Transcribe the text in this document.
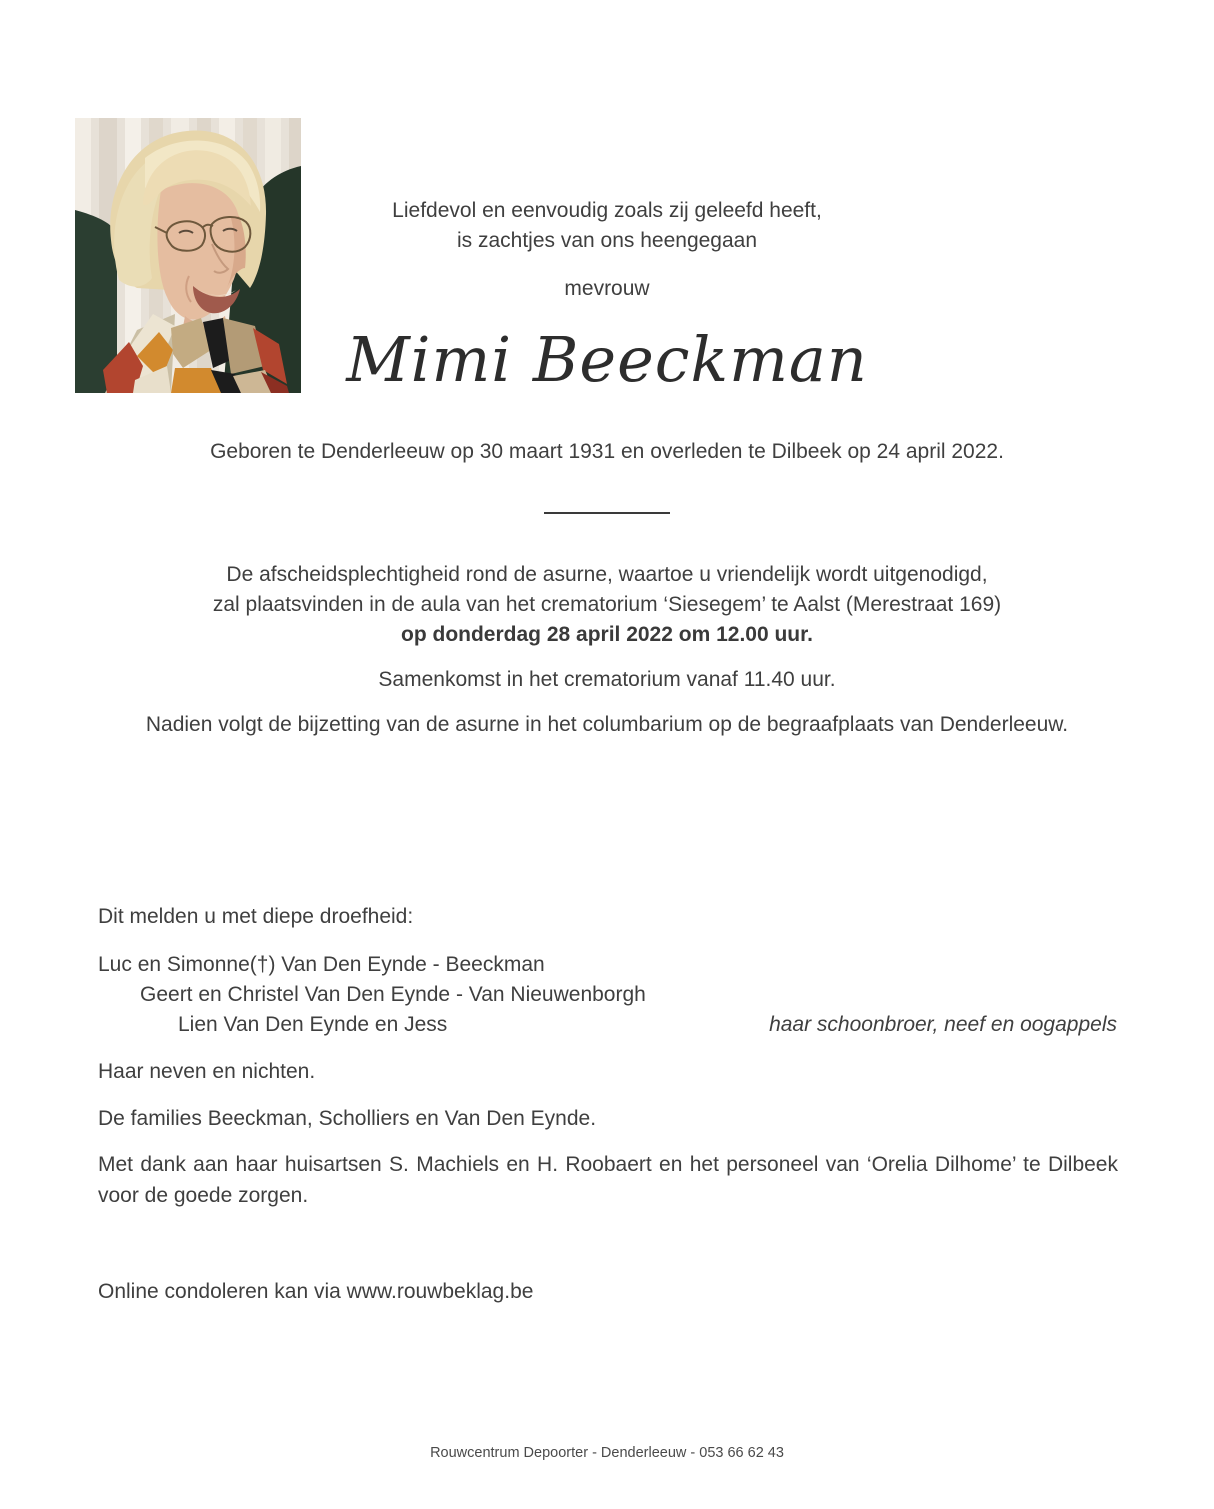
Liefdevol en eenvoudig zoals zij geleefd heeft,
is zachtjes van ons heengegaan
mevrouw
Mimi Beeckman
Geboren te Denderleeuw op 30 maart 1931 en overleden te Dilbeek op 24 april 2022.
De afscheidsplechtigheid rond de asurne, waartoe u vriendelijk wordt uitgenodigd,
zal plaatsvinden in de aula van het crematorium ‘Siesegem’ te Aalst (Merestraat 169)
op donderdag 28 april 2022 om 12.00 uur.
Samenkomst in het crematorium vanaf 11.40 uur.
Nadien volgt de bijzetting van de asurne in het columbarium op de begraafplaats van Denderleeuw.
Dit melden u met diepe droefheid:
Luc en Simonne(†) Van Den Eynde - Beeckman
Geert en Christel Van Den Eynde - Van Nieuwenborgh
Lien Van Den Eynde en Jess	haar schoonbroer, neef en oogappels
Haar neven en nichten.
De families Beeckman, Scholliers en Van Den Eynde.
Met dank aan haar huisartsen S. Machiels en H. Roobaert en het personeel van ‘Orelia Dilhome’ te Dilbeek voor de goede zorgen.
Online condoleren kan via www.rouwbeklag.be
Rouwcentrum Depoorter - Denderleeuw - 053 66 62 43
